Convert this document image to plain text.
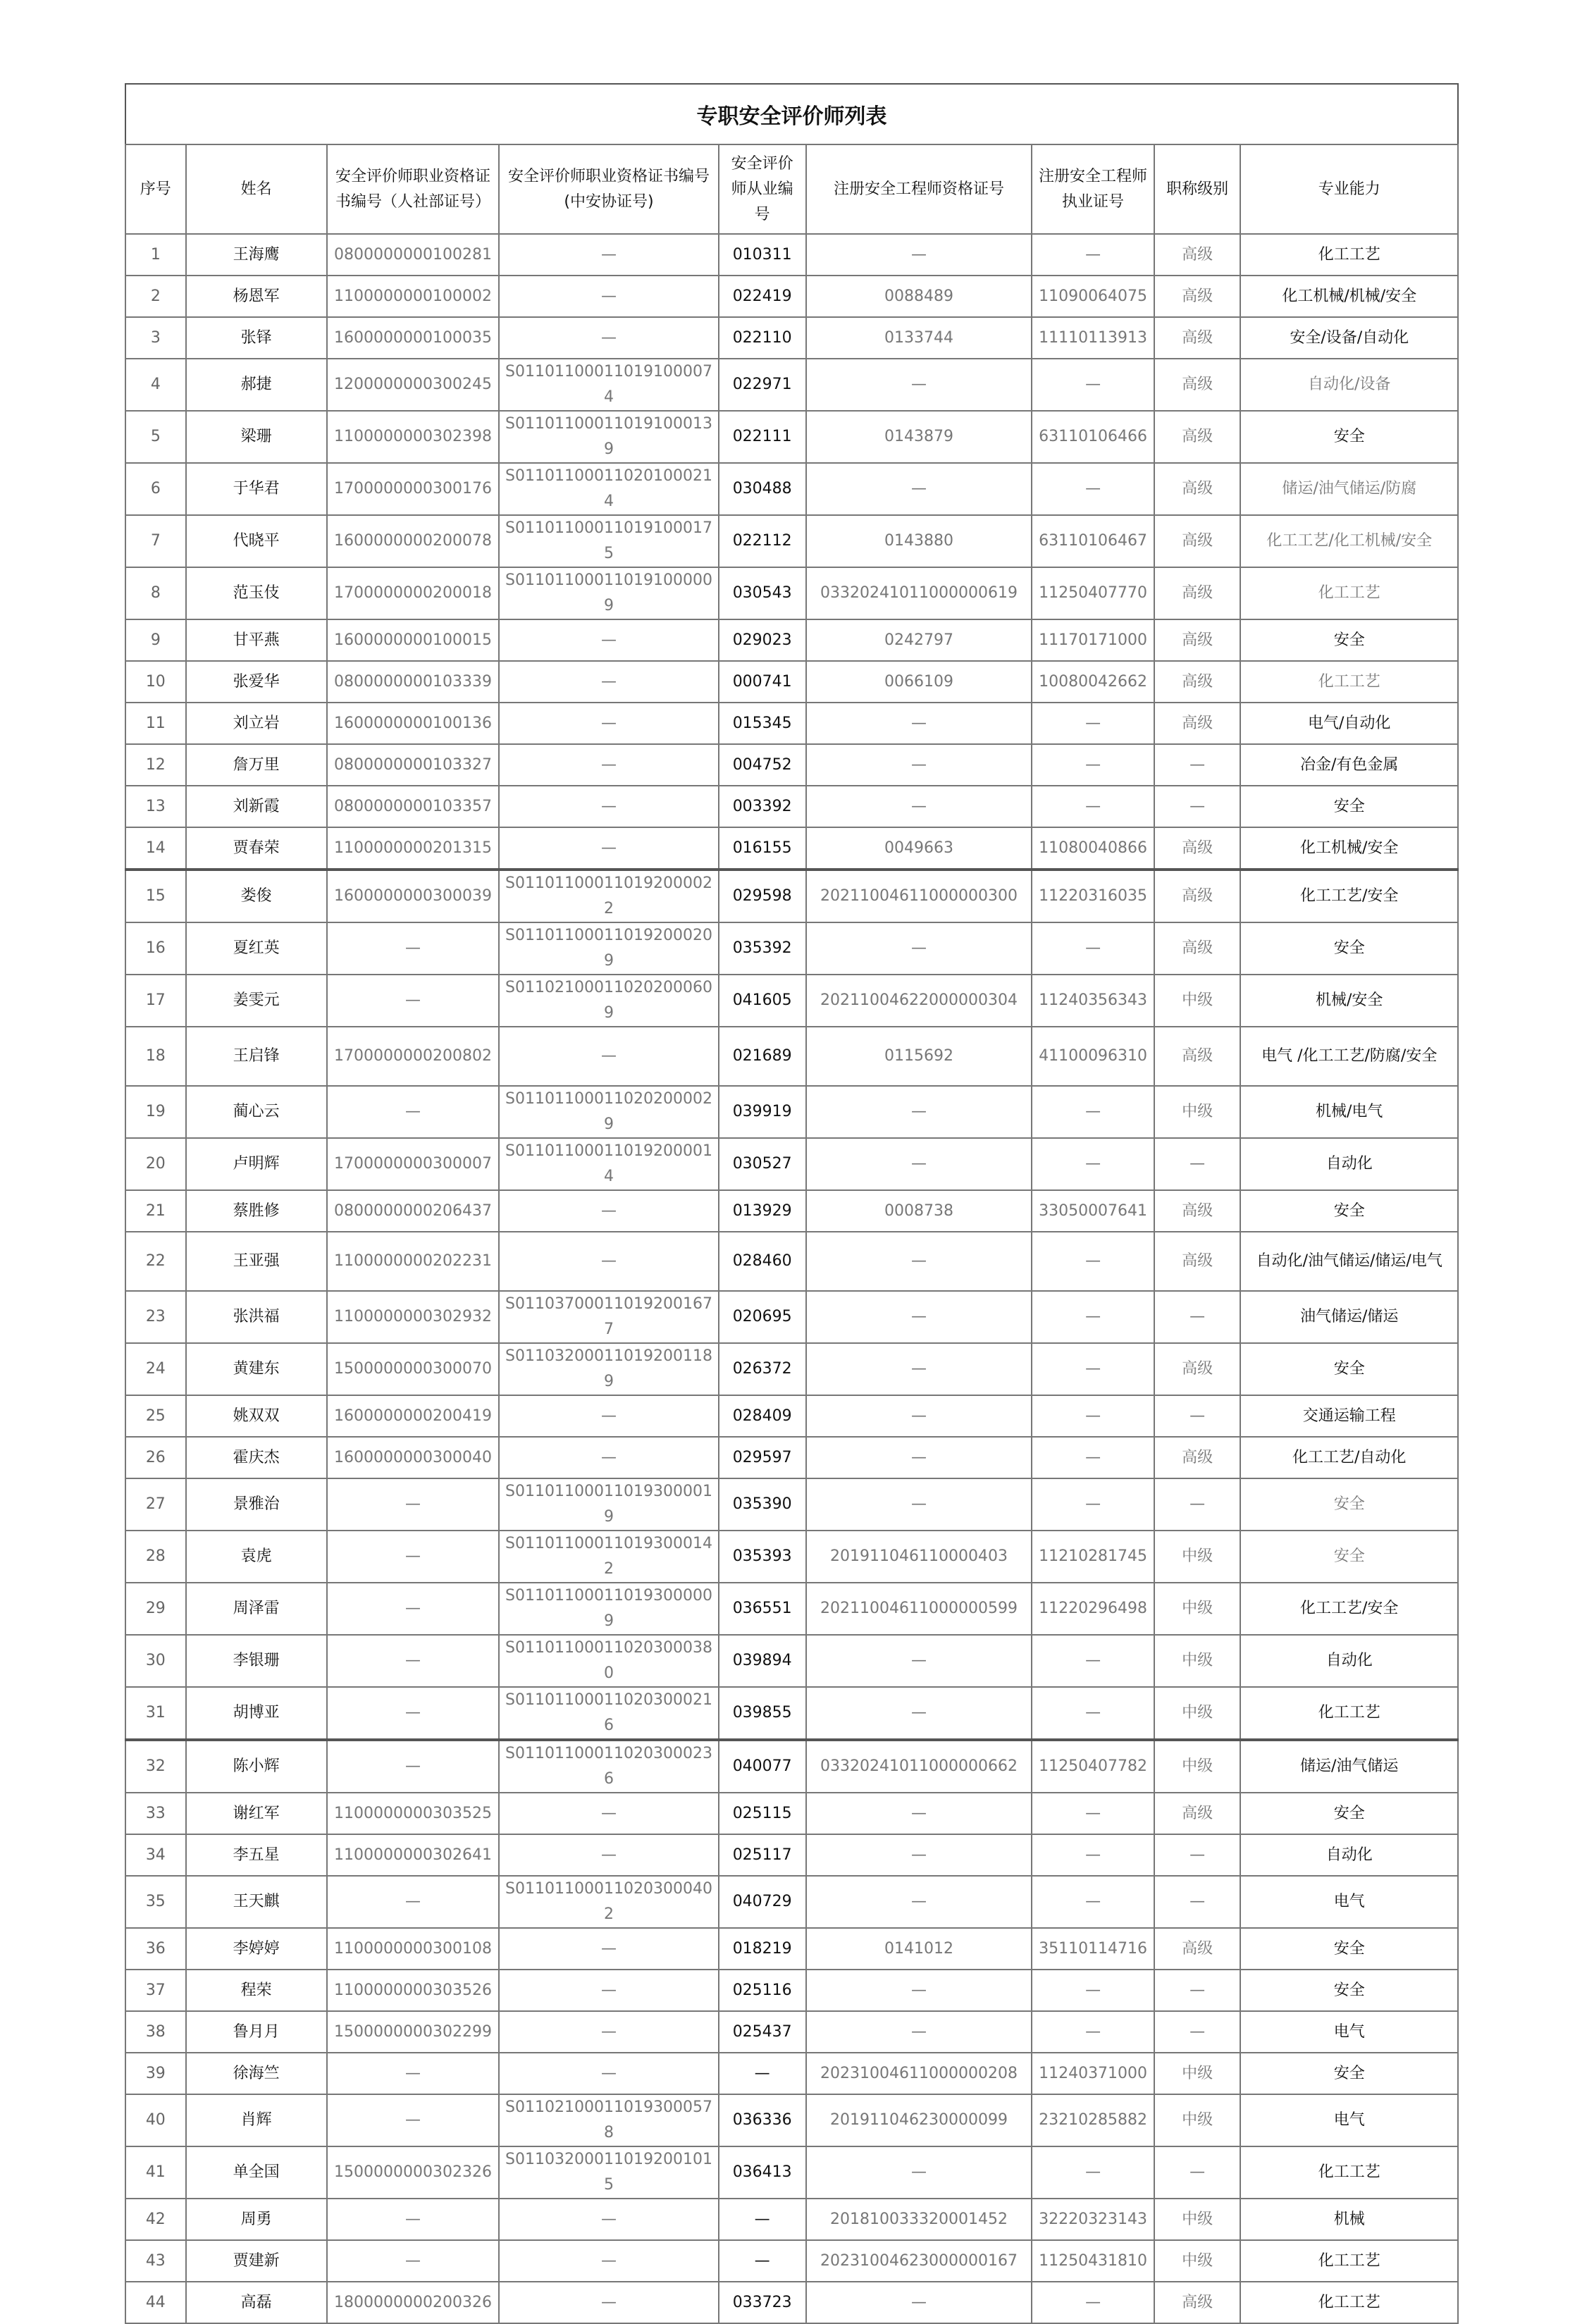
专职安全评价师列表
序号	姓名	安全评价师职业资格证书编号（人社部证号）	安全评价师职业资格证书编号(中安协证号)	安全评价师从业编号	注册安全工程师资格证号	注册安全工程师执业证号	职称级别	专业能力
1	王海鹰	0800000000100281	—	010311	—	—	高级	化工工艺
2	杨恩军	1100000000100002	—	022419	0088489	11090064075	高级	化工机械/机械/安全
3	张铎	1600000000100035	—	022110	0133744	11110113913	高级	安全/设备/自动化
4	郝捷	1200000000300245	S011011000110191000074	022971	—	—	高级	自动化/设备
5	梁珊	1100000000302398	S011011000110191000139	022111	0143879	63110106466	高级	安全
6	于华君	1700000000300176	S011011000110201000214	030488	—	—	高级	储运/油气储运/防腐
7	代晓平	1600000000200078	S011011000110191000175	022112	0143880	63110106467	高级	化工工艺/化工机械/安全
8	范玉伎	1700000000200018	S011011000110191000009	030543	03320241011000000619	11250407770	高级	化工工艺
9	甘平燕	1600000000100015	—	029023	0242797	11170171000	高级	安全
10	张爱华	0800000000103339	—	000741	0066109	10080042662	高级	化工工艺
11	刘立岩	1600000000100136	—	015345	—	—	高级	电气/自动化
12	詹万里	0800000000103327	—	004752	—	—	—	冶金/有色金属
13	刘新霞	0800000000103357	—	003392	—	—	—	安全
14	贾春荣	1100000000201315	—	016155	0049663	11080040866	高级	化工机械/安全
15	娄俊	1600000000300039	S011011000110192000022	029598	20211004611000000300	11220316035	高级	化工工艺/安全
16	夏红英	—	S011011000110192000209	035392	—	—	高级	安全
17	姜雯元	—	S011021000110202000609	041605	20211004622000000304	11240356343	中级	机械/安全
18	王启锋	1700000000200802	—	021689	0115692	41100096310	高级	电气 /化工工艺/防腐/安全
19	蔺心云	—	S011011000110202000029	039919	—	—	中级	机械/电气
20	卢明辉	1700000000300007	S011011000110192000014	030527	—	—	—	自动化
21	蔡胜修	0800000000206437	—	013929	0008738	33050007641	高级	安全
22	王亚强	1100000000202231	—	028460	—	—	高级	自动化/油气储运/储运/电气
23	张洪福	1100000000302932	S011037000110192001677	020695	—	—	—	油气储运/储运
24	黄建东	1500000000300070	S011032000110192001189	026372	—	—	高级	安全
25	姚双双	1600000000200419	—	028409	—	—	—	交通运输工程
26	霍庆杰	1600000000300040	—	029597	—	—	高级	化工工艺/自动化
27	景雅治	—	S011011000110193000019	035390	—	—	—	安全
28	袁虎	—	S011011000110193000142	035393	201911046110000403	11210281745	中级	安全
29	周泽雷	—	S011011000110193000009	036551	20211004611000000599	11220296498	中级	化工工艺/安全
30	李银珊	—	S011011000110203000380	039894	—	—	中级	自动化
31	胡博亚	—	S011011000110203000216	039855	—	—	中级	化工工艺
32	陈小辉	—	S011011000110203000236	040077	03320241011000000662	11250407782	中级	储运/油气储运
33	谢红军	1100000000303525	—	025115	—	—	高级	安全
34	李五星	1100000000302641	—	025117	—	—	—	自动化
35	王天麒	—	S011011000110203000402	040729	—	—	—	电气
36	李婷婷	1100000000300108	—	018219	0141012	35110114716	高级	安全
37	程荣	1100000000303526	—	025116	—	—	—	安全
38	鲁月月	1500000000302299	—	025437	—	—	—	电气
39	徐海竺	—	—	—	20231004611000000208	11240371000	中级	安全
40	肖辉	—	S011021000110193000578	036336	201911046230000099	23210285882	中级	电气
41	单全国	1500000000302326	S011032000110192001015	036413	—	—	—	化工工艺
42	周勇	—	—	—	201810033320001452	32220323143	中级	机械
43	贾建新	—	—	—	20231004623000000167	11250431810	中级	化工工艺
44	高磊	1800000000200326	—	033723	—	—	高级	化工工艺
